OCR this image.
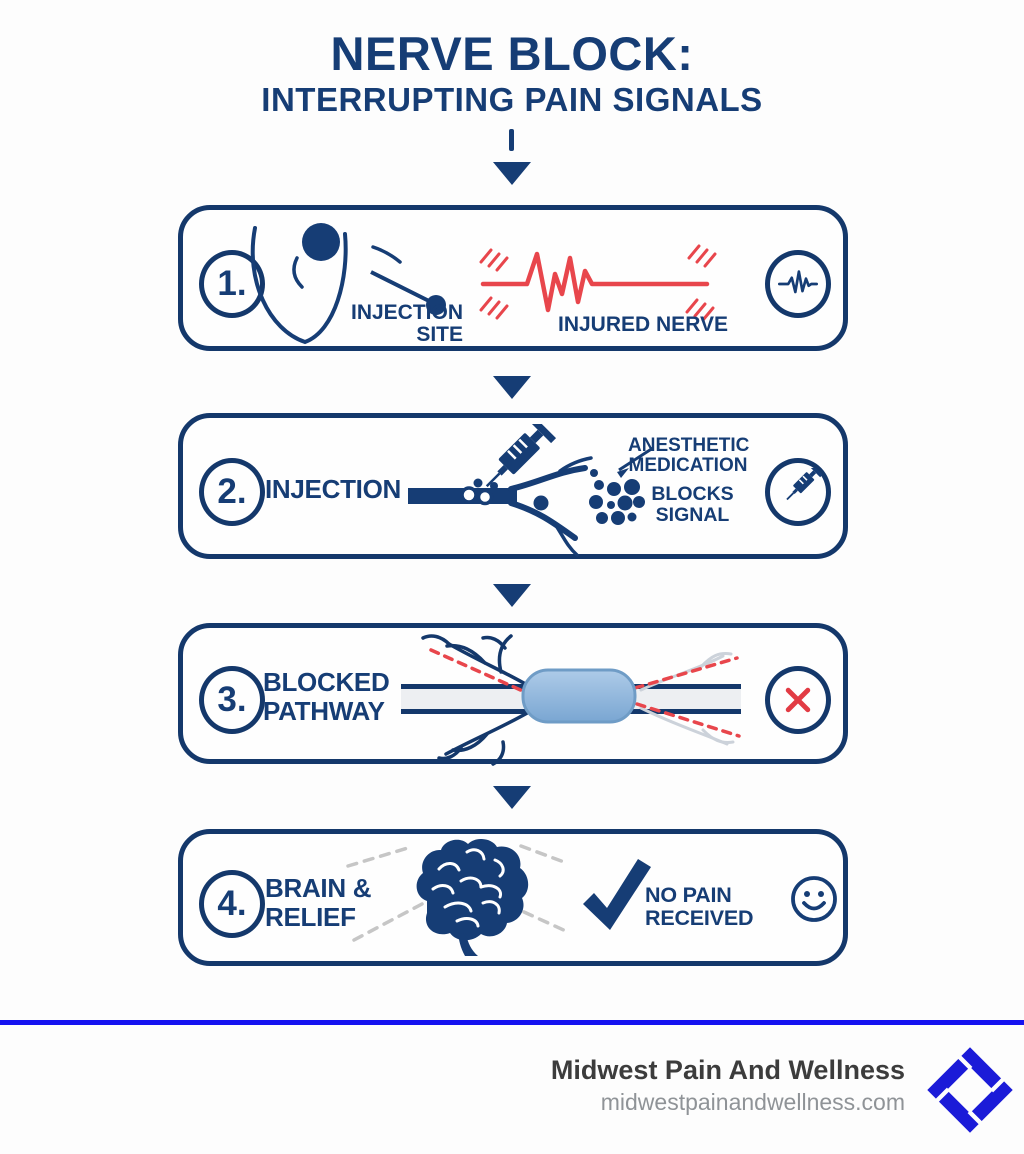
NERVE BLOCK:
INTERRUPTING PAIN SIGNALS
1.
INJECTION
SITE	INJURED NERVE
2. INJECTION
ANESTHETIC
MEDICATION
BLOCKS
SIGNAL
3. BLOCKED
PATHWAY
4. BRAIN &
RELIEF
NO PAIN RECEIVED
Midwest Pain And Wellness
midwestpainandwellness.com
